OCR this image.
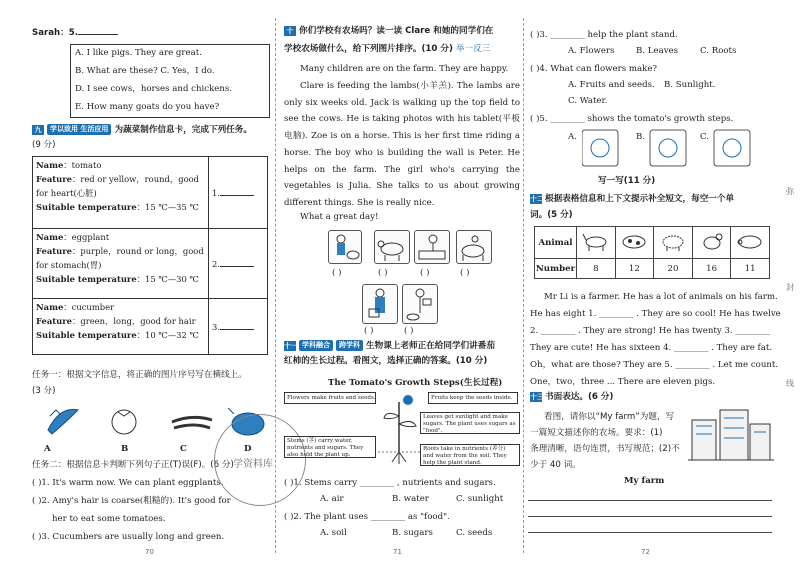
Sarah：5.
A. I like pigs. They are great.
B. What are these? C. Yes，I do.
D. I see cows，horses and chickens.
E. How many goats do you have?
九 学以致用 生活应用 为蔬菜制作信息卡，完成下列任务。
(9 分)
Name：tomato
Feature：red or yellow，round，good for heart(心脏)
Suitable temperature：15 ℃—35 ℃	1.

Name：eggplant
Feature：purple，round or long，good for stomach(胃)
Suitable temperature：15 ℃—30 ℃	2.

Name：cucumber
Feature：green，long，good for hair
Suitable temperature：10 ℃—32 ℃	3.
任务一：根据文字信息，将正确的图片序号写在横线上。
(3 分)
A	B	C	D
任务二：根据信息卡判断下列句子正(T)误(F)。(6 分)
( )1. It's warm now. We can plant eggplants.
( )2. Amy's hair is coarse(粗糙的). It's good for
her to eat some tomatoes.
( )3. Cucumbers are usually long and green.
70
学资料库
十 你们学校有农场吗？读一读 Clare 和她的同学们在
学校农场做什么，给下列图片排序。(10 分) 举一反三
Many children are on the farm. They are happy.
Clare is feeding the lambs(小羊羔). The lambs are only six weeks old. Jack is walking up the top field to see the cows. He is taking photos with his tablet(平板电脑). Zoe is on a horse. This is her first time riding a horse. The boy who is building the wall is Peter. He helps on the farm. The girl who's carrying the vegetables is Julia. She talks to us about growing different things. She is really nice.
What a great day!
( )	( )	( )	( )
( )	( )
十一 学科融合 跨学科 生物课上老师正在给同学们讲番茄
红柿的生长过程。看图文，选择正确的答案。(10 分)
The Tomato's Growth Steps(生长过程)
Flowers make fruits and seeds.	Fruits keep the seeds inside.
Leaves get sunlight and make sugars. The plant uses sugars as "food".
Stems (茎) carry water, nutrients and sugars. They also hold the plant up.
Roots take in nutrients (养分) and water from the soil. They help the plant stand.
( )1. Stems carry ________ , nutrients and sugars.
A. air	B. water	C. sunlight
( )2. The plant uses ________ as "food".
A. soil	B. sugars	C. seeds
71
( )3. ________ help the plant stand.
A. Flowers B. Leaves	C. Roots
( )4. What can flowers make?
A. Fruits and seeds. B. Sunlight.
C. Water.
( )5. ________ shows the tomato's growth steps.
A.	B.	C.
写一写(11 分)
十二根据表格信息和上下文提示补全短文，每空一个单
词。(5 分)
Animal					
Number	8	12	20	16	11
Mr Li is a farmer. He has a lot of animals on his farm.
He has eight 1. ________ . They are so cool! He has twelve
2. ________ . They are strong! He has twenty 3. ________
They are cute! He has sixteen 4. ________ . They are fat.
Oh，what are those? They are 5. ________ . Let me count.
One，two，three ... There are eleven pigs.
十三书面表达。(6 分)
看图，请你以“My farm”为题，写
一篇短文描述你的农场。要求：(1)
条理清晰，语句连贯，书写规范；(2)不
少于 40 词。
My farm
72
弥
封
线
